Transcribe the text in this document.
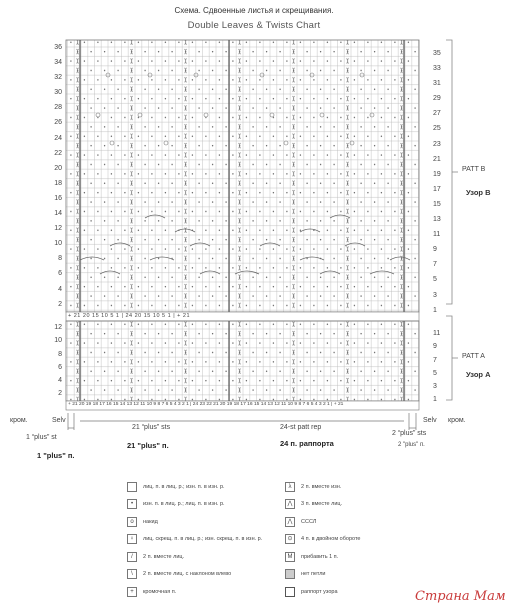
Схема. Сдвоенные листья и скрещивания.
Double Leaves & Twists Chart
36
34
32
30
28
26
24
22
20
18
16
14
12
10
8
6
4
2
35
33
31
29
27
25
23
21
19
17
15
13
11
9
7
5
3
1
12
10
8
6
4
2
11
9
7
5
3
1
PATT B
Узор В
PATT A
Узор А
+ 21 20 15 10 5 1 | 24 20 15 10 5 1 | + 21
+ 21 20 19 18 17 16 15 14 13 12 11 10 9 8 7 6 5 4 3 2 1 | 24 23 22 21 20 19 18 17 16 15 14 13 12 11 10 9 8 7 6 5 4 3 2 1 | + 21
кром.	Selv	Selv кром.
1 “plus” st
1 "plus" п.
21 “plus” sts
21 "plus" п.
24-st patt rep
24 п. раппорта
2 “plus” sts
2 "plus" п.
лиц. п. в лиц. р.; изн. п. в изн. р.
•	изн. п. в лиц. р.; лиц. п. в изн. р.
o	накид
♀	лиц. скрещ. п. в лиц. р.; изн. скрещ. п. в изн. р.
/	2 п. вместе лиц.
\	2 п. вместе лиц. с наклоном влево
+	кромочная п.
λ	2 п. вместе изн.
⋀	3 п. вместе лиц.
⋀	СССЛ
⊙	4 п. в двойном обороте
M	прибавить 1 п.
нет петли
раппорт узора	Страна Мам
